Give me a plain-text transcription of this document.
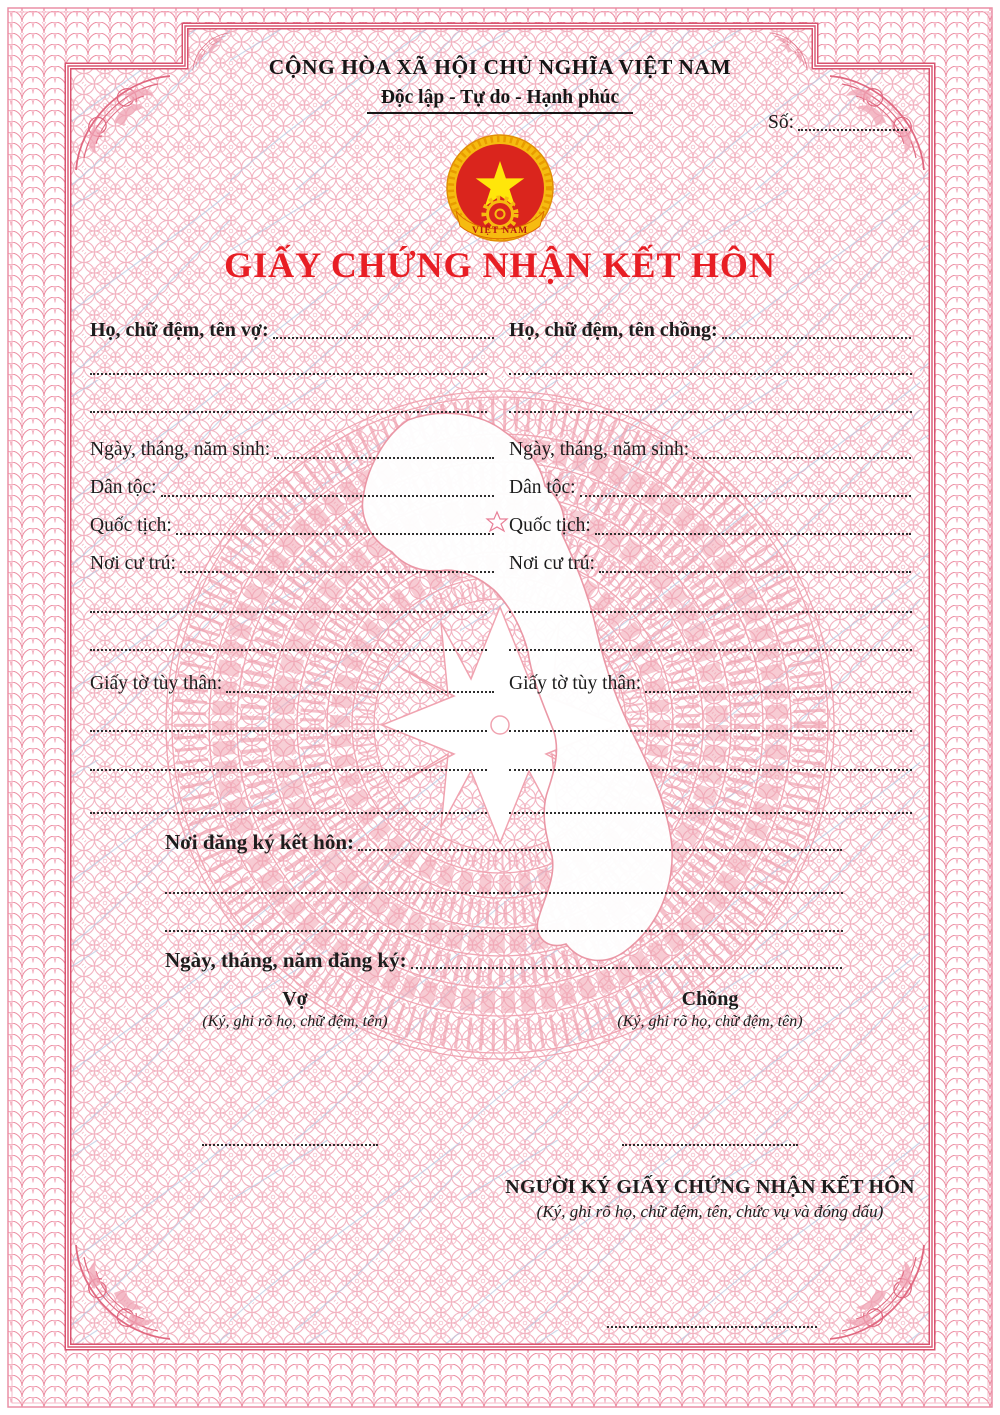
CỘNG HÒA XÃ HỘI CHỦ NGHĨA VIỆT NAM
Độc lập - Tự do - Hạnh phúc
Số:
VIỆT NAM
GIẤY CHỨNG NHẬN KẾT HÔN
Họ, chữ đệm, tên vợ:	Họ, chữ đệm, tên chồng:
Ngày, tháng, năm sinh:	Ngày, tháng, năm sinh:
Dân tộc:	Dân tộc:
Quốc tịch:	Quốc tịch:
Nơi cư trú:	Nơi cư trú:
Giấy tờ tùy thân:	Giấy tờ tùy thân:
Nơi đăng ký kết hôn:
Ngày, tháng, năm đăng ký:
Vợ
(Ký, ghi rõ họ, chữ đệm, tên)
Chồng
(Ký, ghi rõ họ, chữ đệm, tên)
NGƯỜI KÝ GIẤY CHỨNG NHẬN KẾT HÔN
(Ký, ghi rõ họ, chữ đệm, tên, chức vụ và đóng dấu)
